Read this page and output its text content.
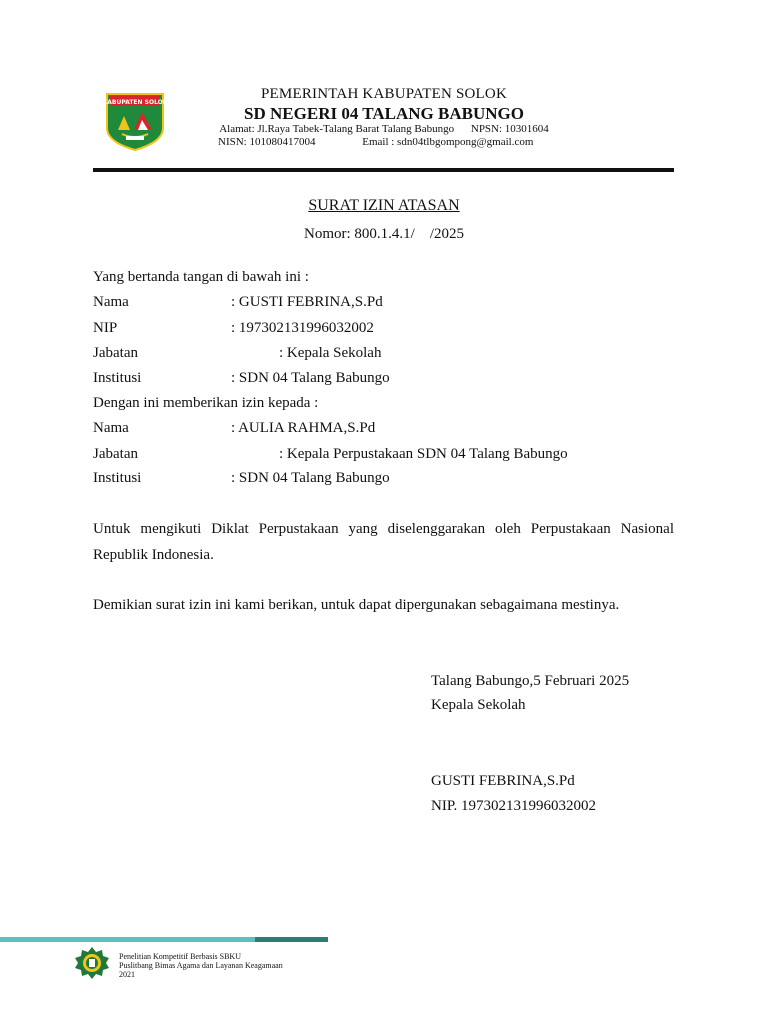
KABUPATEN SOLOK
PEMERINTAH KABUPATEN SOLOK
SD NEGERI 04 TALANG BABUNGO
Alamat: Jl.Raya Tabek-Talang Barat Talang Babungo NPSN: 10301604
NISN: 101080417004	Email : sdn04tlbgompong@gmail.com
SURAT IZIN ATASAN
Nomor: 800.1.4.1/    /2025
Yang bertanda tangan di bawah ini :
Nama	: GUSTI FEBRINA,S.Pd
NIP	: 197302131996032002
Jabatan	: Kepala Sekolah
Institusi	: SDN 04 Talang Babungo
Dengan ini memberikan izin kepada :
Nama	: AULIA RAHMA,S.Pd
Jabatan	: Kepala Perpustakaan SDN 04 Talang Babungo
Institusi	: SDN 04 Talang Babungo
Untuk mengikuti Diklat Perpustakaan yang diselenggarakan oleh Perpustakaan Nasional Republik Indonesia.
Demikian surat izin ini kami berikan, untuk dapat dipergunakan sebagaimana mestinya.
Talang Babungo,5 Februari 2025
Kepala Sekolah
GUSTI FEBRINA,S.Pd
NIP. 197302131996032002
Penelitian Kompetitif Berbasis SBKU
Puslitbang Bimas Agama dan Layanan Keagamaan
2021
